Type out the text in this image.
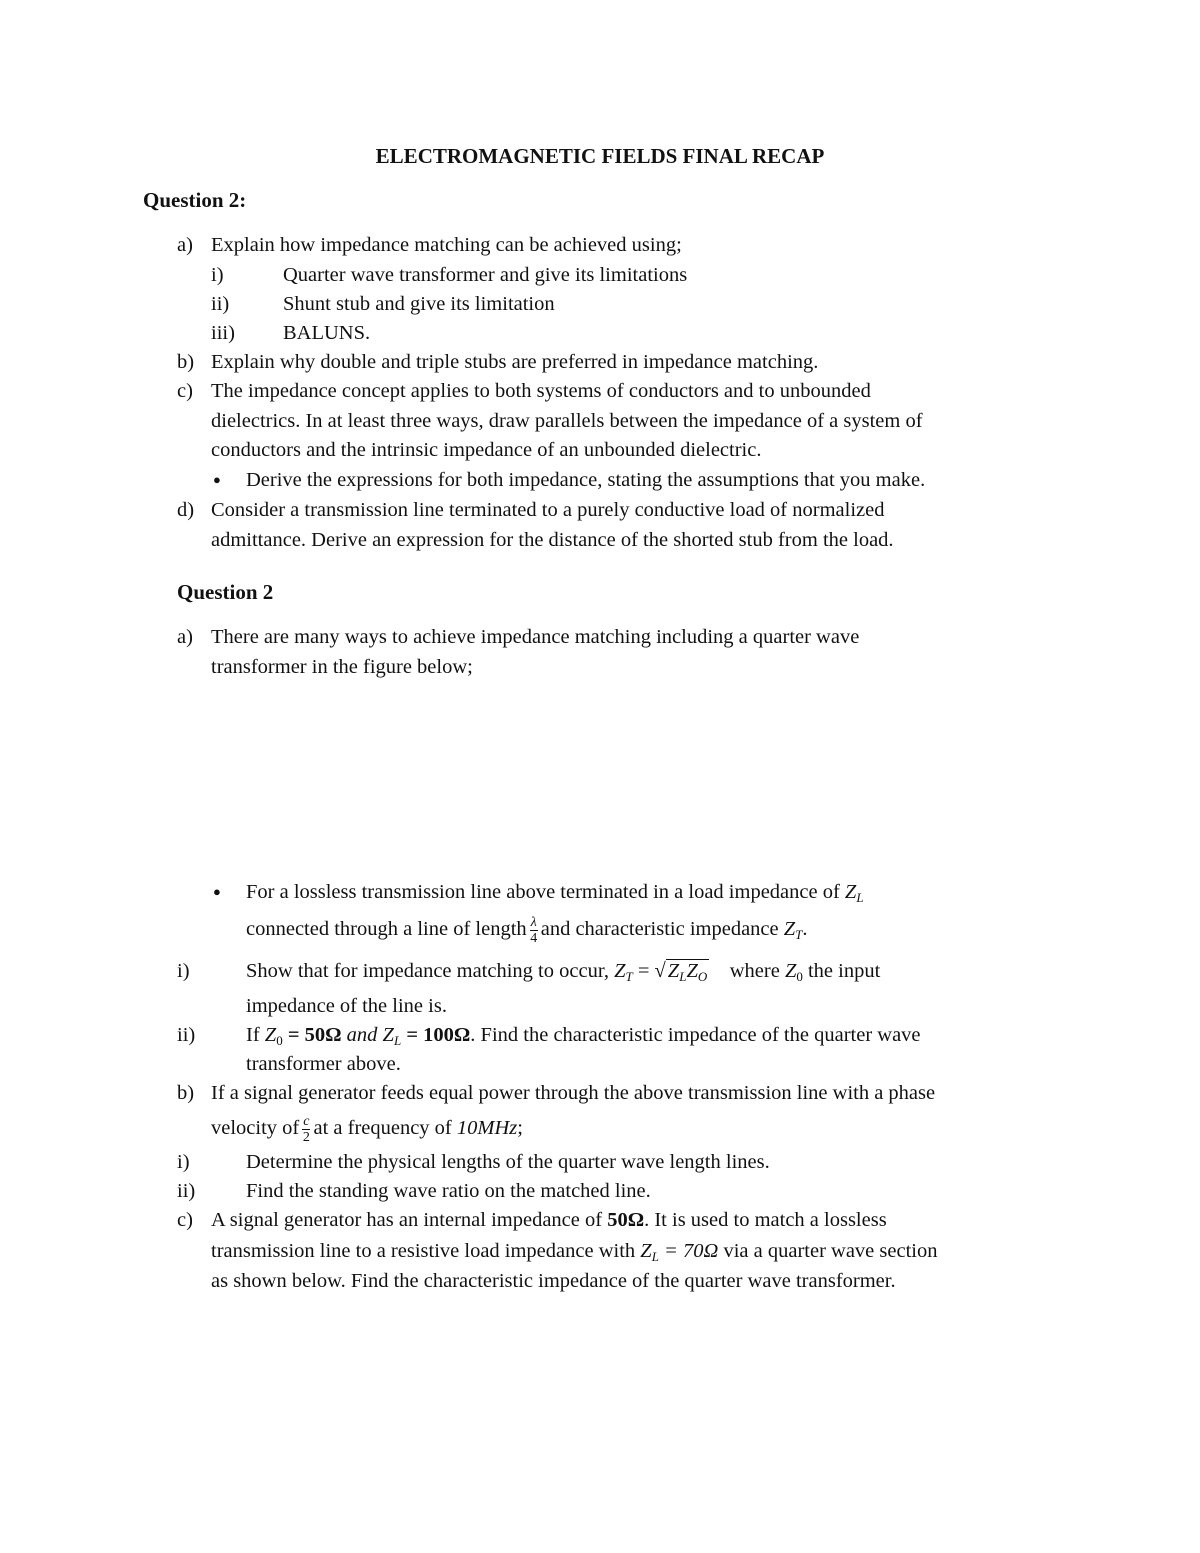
ELECTROMAGNETIC FIELDS FINAL RECAP
Question 2:
a) Explain how impedance matching can be achieved using;
i)	Quarter wave transformer and give its limitations
ii)	Shunt stub and give its limitation
iii) BALUNS.
b) Explain why double and triple stubs are preferred in impedance matching.
c) The impedance concept applies to both systems of conductors and to unbounded
dielectrics. In at least three ways, draw parallels between the impedance of a system of
conductors and the intrinsic impedance of an unbounded dielectric.
● Derive the expressions for both impedance, stating the assumptions that you make.
d) Consider a transmission line terminated to a purely conductive load of normalized
admittance. Derive an expression for the distance of the shorted stub from the load.
Question 2
a) There are many ways to achieve impedance matching including a quarter wave
transformer in the figure below;
● For a lossless transmission line above terminated in a load impedance of $Z_L$
connected through a line of length $\frac{\lambda}{4}$ and characteristic impedance $Z_T$.
i)	Show that for impedance matching to occur, $Z_T = √Z_LZ_O$ where $Z_0$ the input
impedance of the line is.
ii) If $Z_0 = 50\Omega$ and $Z_L = 100\Omega$. Find the characteristic impedance of the quarter wave
transformer above.
b) If a signal generator feeds equal power through the above transmission line with a phase
velocity of $\frac{c}{2}$ at a frequency of 10MHz;
i)	Determine the physical lengths of the quarter wave length lines.
ii) Find the standing wave ratio on the matched line.
c) A signal generator has an internal impedance of 50Ω. It is used to match a lossless
transmission line to a resistive load impedance with $Z_L = 70\Omega$ via a quarter wave section
as shown below. Find the characteristic impedance of the quarter wave transformer.
